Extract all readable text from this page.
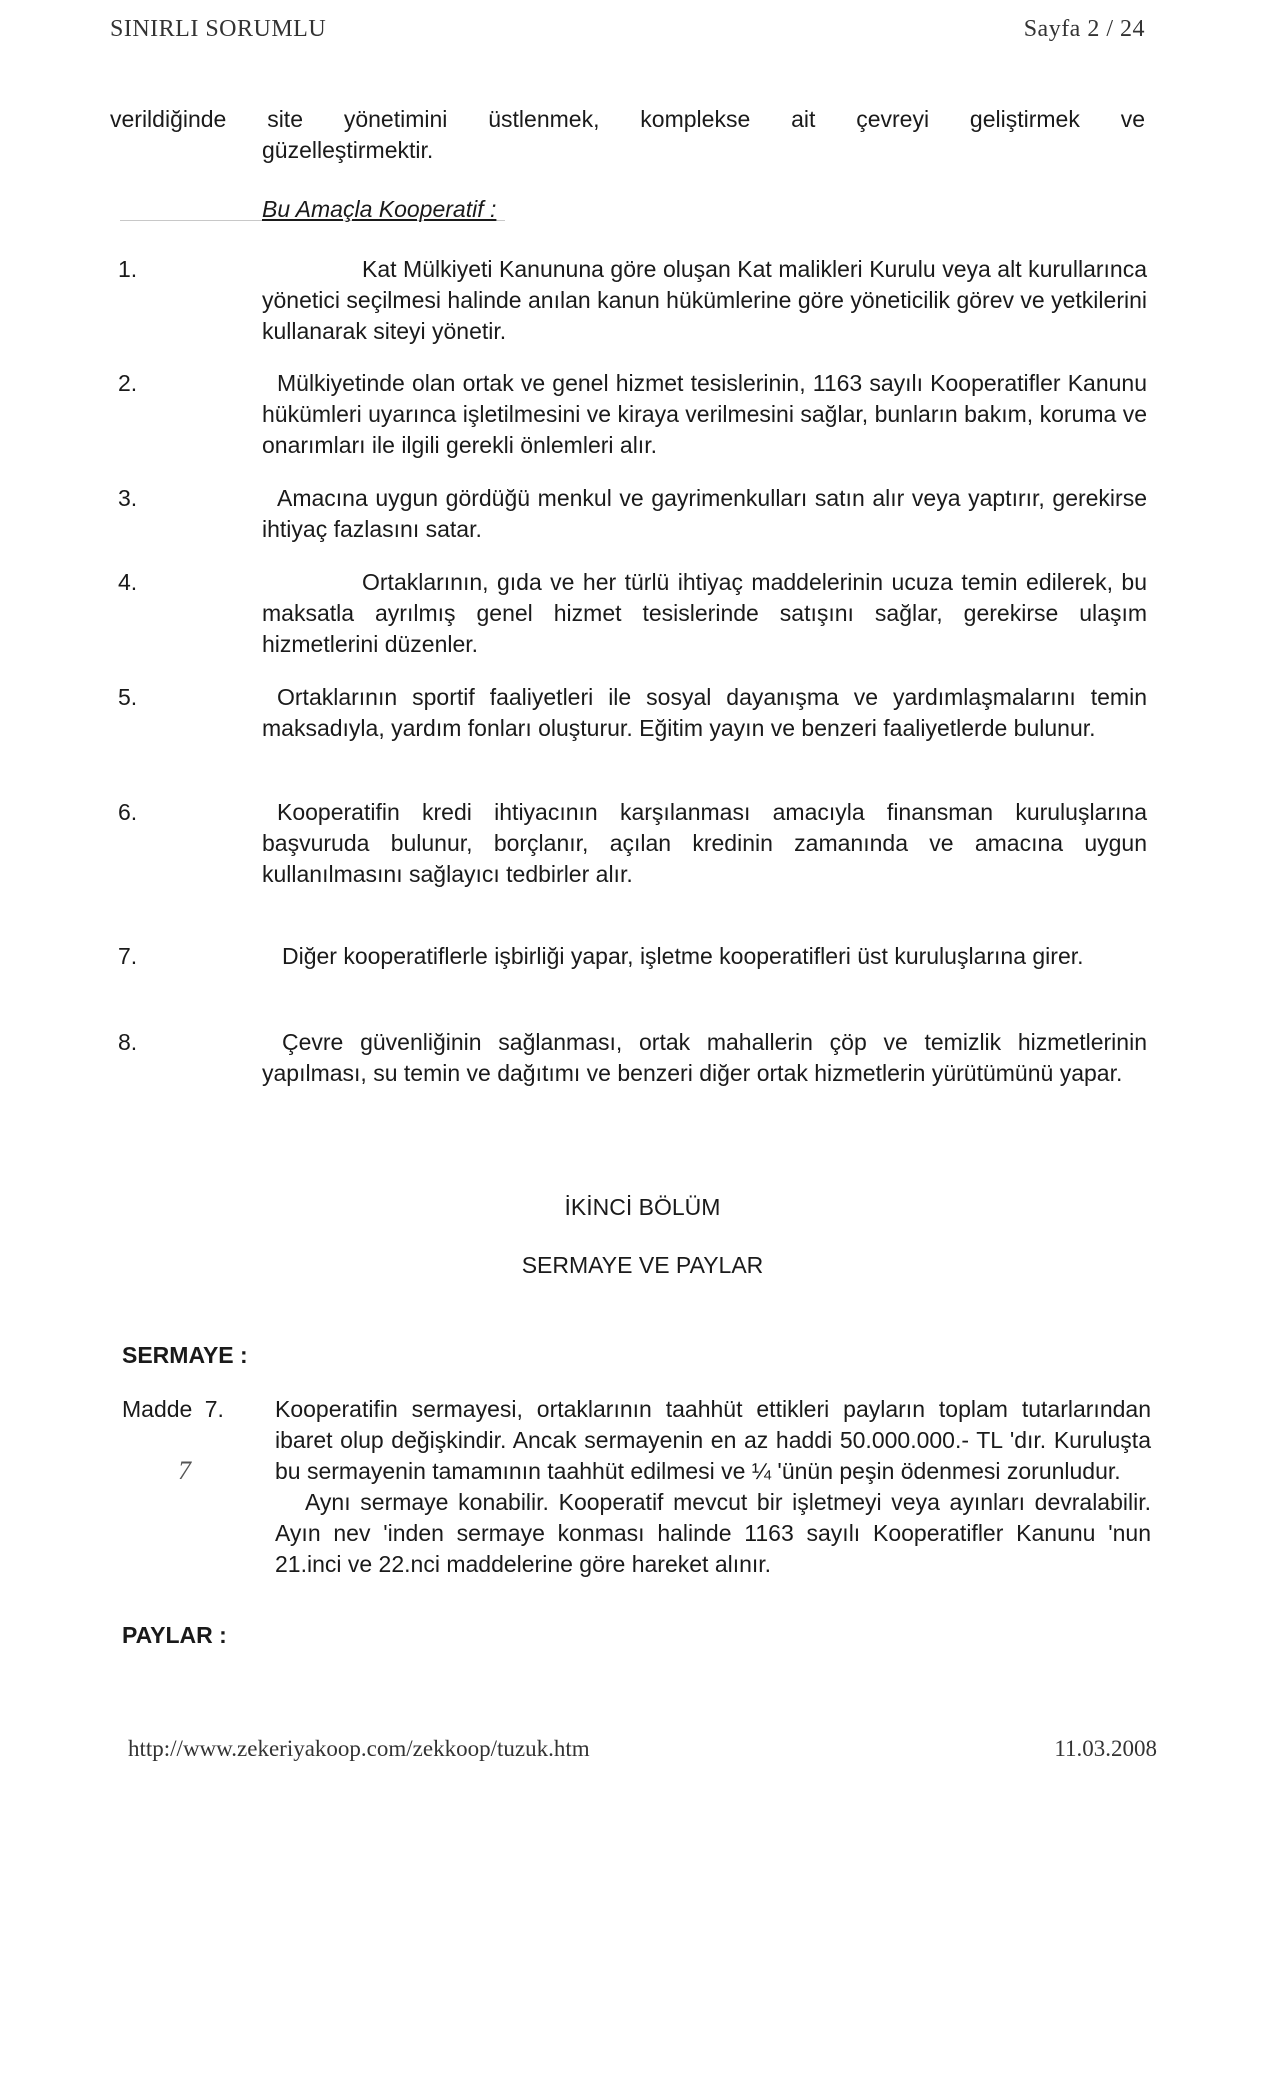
SINIRLI SORUMLU	Sayfa 2 / 24
verildiğinde site yönetimini üstlenmek, komplekse ait çevreyi geliştirmek ve
güzelleştirmektir.
Bu Amaçla Kooperatif :
1.	Kat Mülkiyeti Kanununa göre oluşan Kat malikleri Kurulu veya alt kurullarınca yönetici seçilmesi halinde anılan kanun hükümlerine göre yöneticilik görev ve yetkilerini kullanarak siteyi yönetir.
2.	Mülkiyetinde olan ortak ve genel hizmet tesislerinin, 1163 sayılı Kooperatifler Kanunu hükümleri uyarınca işletilmesini ve kiraya verilmesini sağlar, bunların bakım, koruma ve onarımları ile ilgili gerekli önlemleri alır.
3.	Amacına uygun gördüğü menkul ve gayrimenkulları satın alır veya yaptırır, gerekirse ihtiyaç fazlasını satar.
4.	Ortaklarının, gıda ve her türlü ihtiyaç maddelerinin ucuza temin edilerek, bu maksatla ayrılmış genel hizmet tesislerinde satışını sağlar, gerekirse ulaşım hizmetlerini düzenler.
5.	Ortaklarının sportif faaliyetleri ile sosyal dayanışma ve yardımlaşmalarını temin maksadıyla, yardım fonları oluşturur. Eğitim yayın ve benzeri faaliyetlerde bulunur.
6.	Kooperatifin kredi ihtiyacının karşılanması amacıyla finansman kuruluşlarına başvuruda bulunur, borçlanır, açılan kredinin zamanında ve amacına uygun kullanılmasını sağlayıcı tedbirler alır.
7.	Diğer kooperatiflerle işbirliği yapar, işletme kooperatifleri üst kuruluşlarına girer.
8.	Çevre güvenliğinin sağlanması, ortak mahallerin çöp ve temizlik hizmetlerinin yapılması, su temin ve dağıtımı ve benzeri diğer ortak hizmetlerin yürütümünü yapar.
İKİNCİ BÖLÜM
SERMAYE VE PAYLAR
SERMAYE :
Madde 7.
7

Kooperatifin sermayesi, ortaklarının taahhüt ettikleri payların toplam tutarlarından ibaret olup değişkindir. Ancak sermayenin en az haddi 50.000.000.- TL 'dır. Kuruluşta bu sermayenin tamamının taahhüt edilmesi ve ¼ 'ünün peşin ödenmesi zorunludur.

Aynı sermaye konabilir. Kooperatif mevcut bir işletmeyi veya ayınları devralabilir. Ayın nev 'inden sermaye konması halinde 1163 sayılı Kooperatifler Kanunu 'nun 21.inci ve 22.nci maddelerine göre hareket alınır.

PAYLAR :
http://www.zekeriyakoop.com/zekkoop/tuzuk.htm	11.03.2008
